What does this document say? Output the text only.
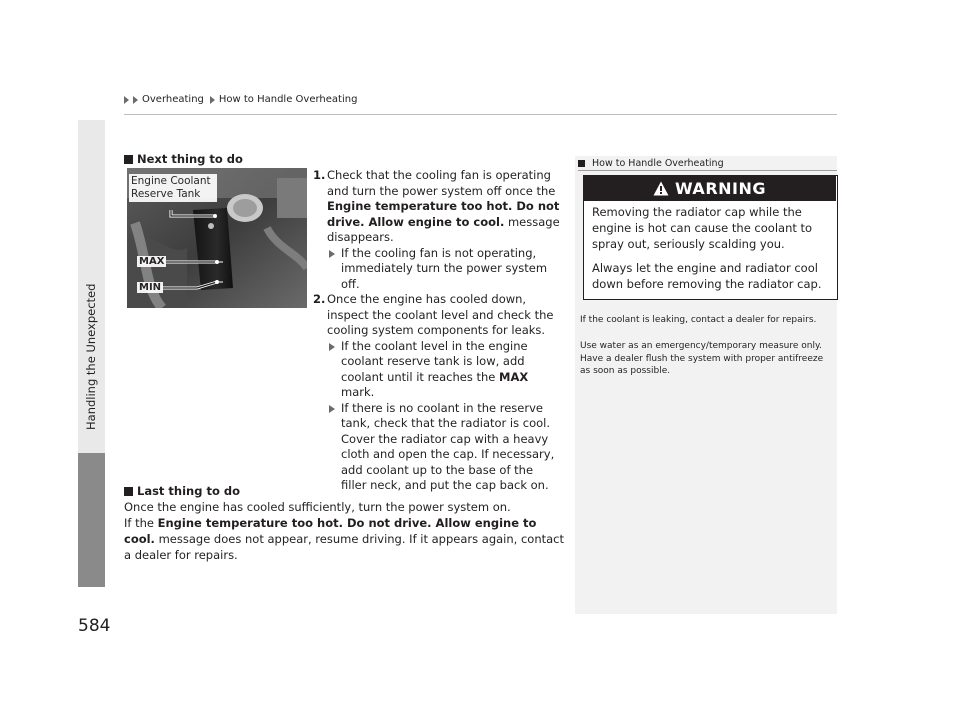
Overheating How to Handle Overheating
Handling the Unexpected
584
Next thing to do
Engine Coolant Reserve Tank
MAX
MIN
1. Check that the cooling fan is operating and turn the power system off once the Engine temperature too hot. Do not drive. Allow engine to cool. message disappears.
If the cooling fan is not operating, immediately turn the power system off.
2. Once the engine has cooled down, inspect the coolant level and check the cooling system components for leaks.
If the coolant level in the engine coolant reserve tank is low, add coolant until it reaches the MAX mark.
If there is no coolant in the reserve tank, check that the radiator is cool. Cover the radiator cap with a heavy cloth and open the cap. If necessary, add coolant up to the base of the filler neck, and put the cap back on.
Last thing to do
Once the engine has cooled sufficiently, turn the power system on.
If the Engine temperature too hot. Do not drive. Allow engine to cool. message does not appear, resume driving. If it appears again, contact a dealer for repairs.
How to Handle Overheating
WARNING

Removing the radiator cap while the engine is hot can cause the coolant to spray out, seriously scalding you.

Always let the engine and radiator cool down before removing the radiator cap.

If the coolant is leaking, contact a dealer for repairs.
Use water as an emergency/temporary measure only. Have a dealer flush the system with proper antifreeze as soon as possible.
